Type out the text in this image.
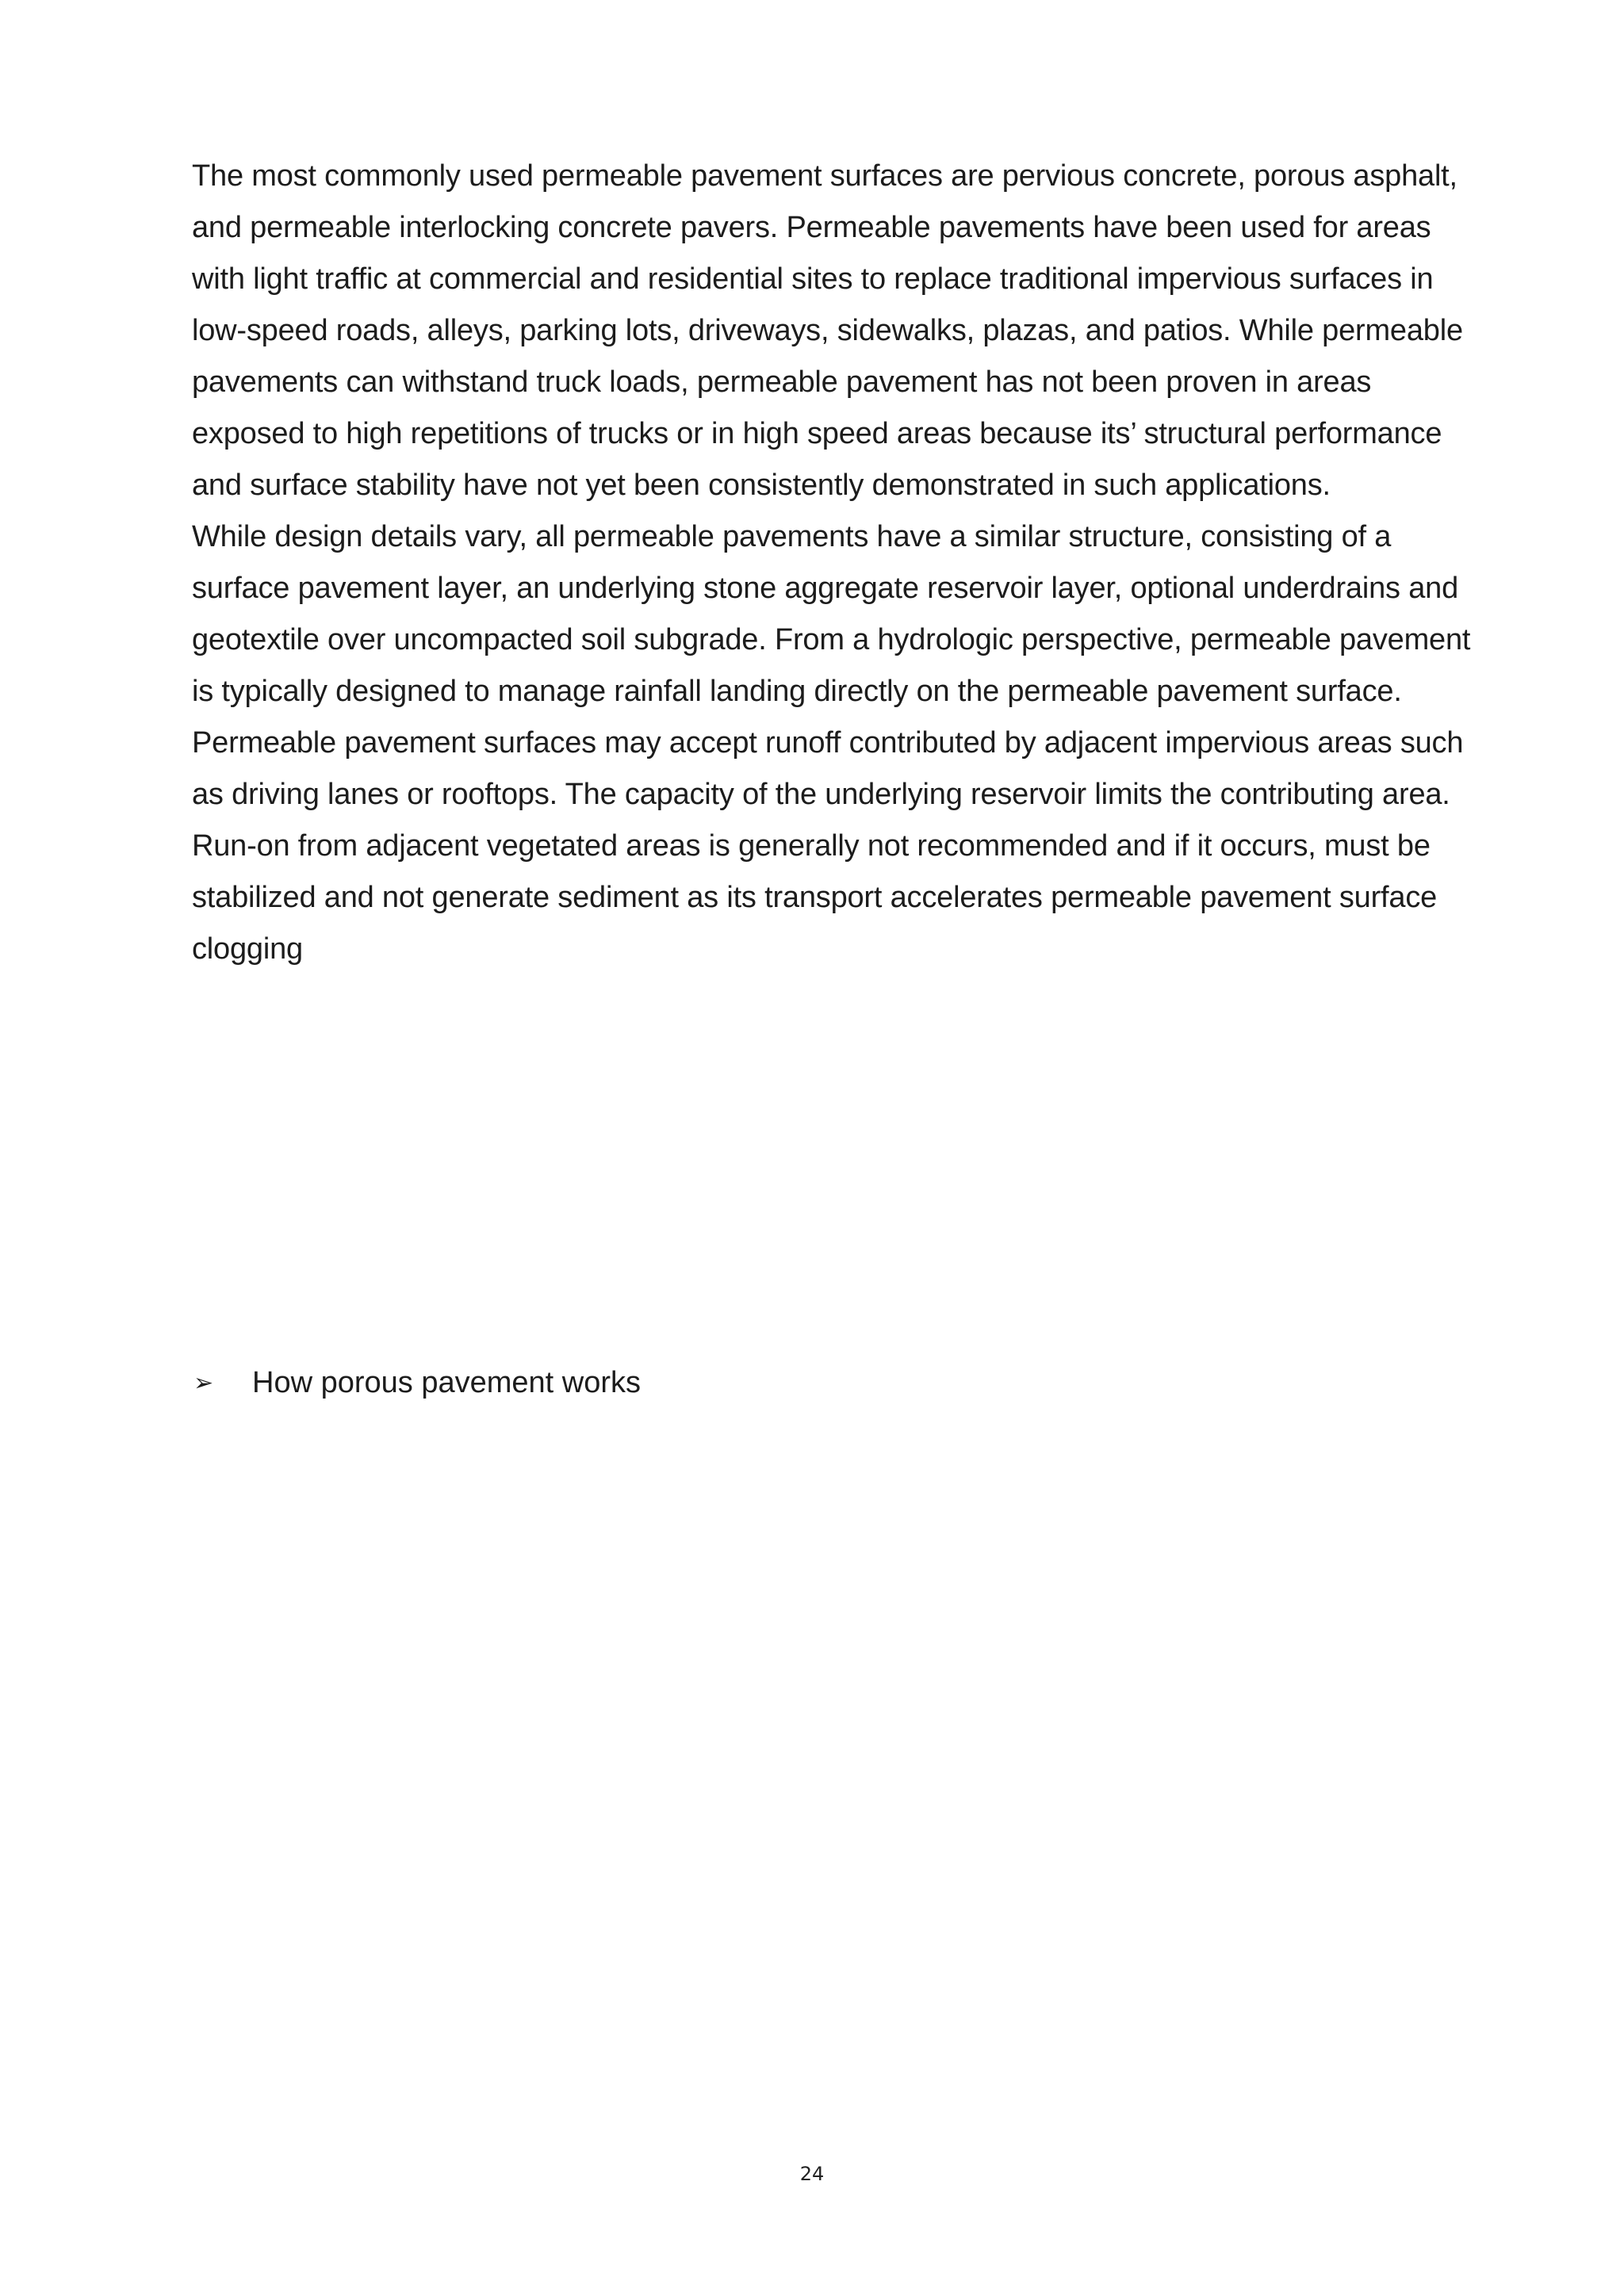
The most commonly used permeable pavement surfaces are pervious concrete, porous asphalt, and permeable interlocking concrete pavers. Permeable pavements have been used for areas with light traffic at commercial and residential sites to replace traditional impervious surfaces in low-speed roads, alleys, parking lots, driveways, sidewalks, plazas, and patios. While permeable pavements can withstand truck loads, permeable pavement has not been proven in areas exposed to high repetitions of trucks or in high speed areas because its’ structural performance and surface stability have not yet been consistently demonstrated in such applications.

While design details vary, all permeable pavements have a similar structure, consisting of a surface pavement layer, an underlying stone aggregate reservoir layer, optional underdrains and geotextile over uncompacted soil subgrade. From a hydrologic perspective, permeable pavement is typically designed to manage rainfall landing directly on the permeable pavement surface. Permeable pavement surfaces may accept runoff contributed by adjacent impervious areas such as driving lanes or rooftops. The capacity of the underlying reservoir limits the contributing area. Run-on from adjacent vegetated areas is generally not recommended and if it occurs, must be stabilized and not generate sediment as its transport accelerates permeable pavement surface clogging

➢	How porous pavement works
24
